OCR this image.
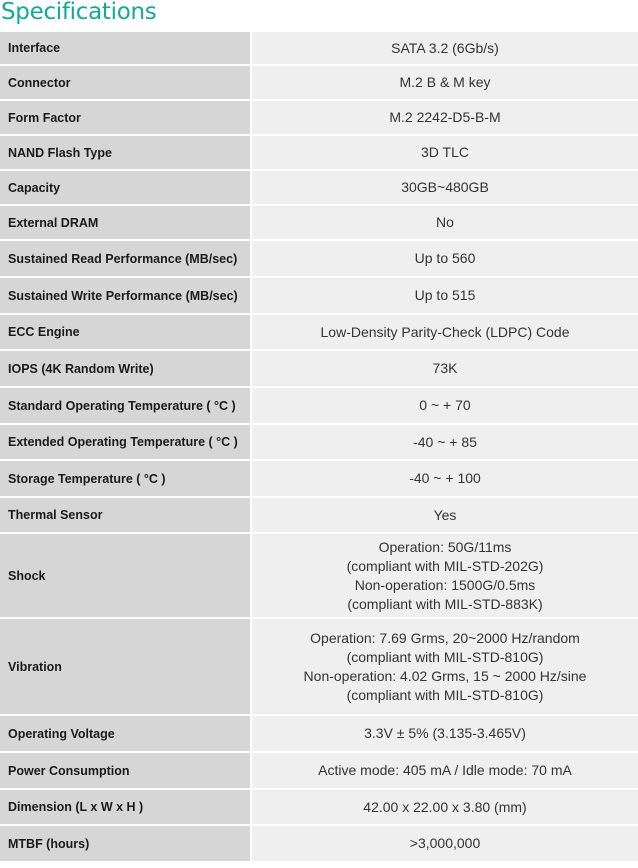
Specifications
Interface	SATA 3.2 (6Gb/s)

Connector	M.2 B & M key

Form Factor	M.2 2242-D5-B-M

NAND Flash Type	3D TLC

Capacity	30GB~480GB

External DRAM	No

Sustained Read Performance (MB/sec)	Up to 560

Sustained Write Performance (MB/sec)	Up to 515

ECC Engine	Low-Density Parity-Check (LDPC) Code

IOPS (4K Random Write)	73K

Standard Operating Temperature ( °C )	0 ~ + 70

Extended Operating Temperature ( °C )	-40 ~ + 85

Storage Temperature ( °C )	-40 ~ + 100

Thermal Sensor	Yes

Shock	Operation: 50G/11ms
(compliant with MIL-STD-202G)
Non-operation: 1500G/0.5ms
(compliant with MIL-STD-883K)

Vibration	Operation: 7.69 Grms, 20~2000 Hz/random
(compliant with MIL-STD-810G)
Non-operation: 4.02 Grms, 15 ~ 2000 Hz/sine
(compliant with MIL-STD-810G)

Operating Voltage	3.3V ± 5% (3.135-3.465V)

Power Consumption	Active mode: 405 mA / Idle mode: 70 mA

Dimension (L x W x H )	42.00 x 22.00 x 3.80 (mm)

MTBF (hours)	>3,000,000
